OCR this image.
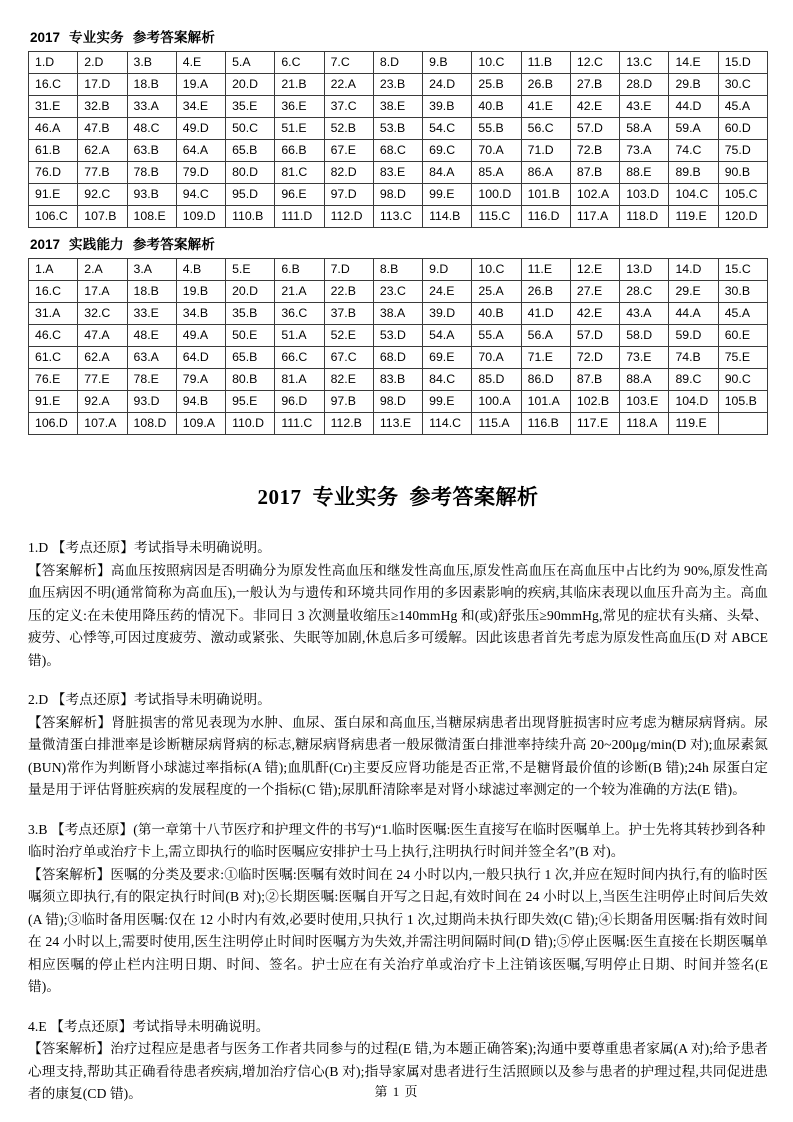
2017 专业实务 参考答案解析
1.D	2.D	3.B	4.E	5.A	6.C	7.C	8.D	9.B	10.C	11.B	12.C	13.C	14.E	15.D
16.C	17.D	18.B	19.A	20.D	21.B	22.A	23.B	24.D	25.B	26.B	27.B	28.D	29.B	30.C
31.E	32.B	33.A	34.E	35.E	36.E	37.C	38.E	39.B	40.B	41.E	42.E	43.E	44.D	45.A
46.A	47.B	48.C	49.D	50.C	51.E	52.B	53.B	54.C	55.B	56.C	57.D	58.A	59.A	60.D
61.B	62.A	63.B	64.A	65.B	66.B	67.E	68.C	69.C	70.A	71.D	72.B	73.A	74.C	75.D
76.D	77.B	78.B	79.D	80.D	81.C	82.D	83.E	84.A	85.A	86.A	87.B	88.E	89.B	90.B
91.E	92.C	93.B	94.C	95.D	96.E	97.D	98.D	99.E	100.D	101.B	102.A	103.D	104.C	105.C
106.C	107.B	108.E	109.D	110.B	111.D	112.D	113.C	114.B	115.C	116.D	117.A	118.D	119.E	120.D
2017 实践能力 参考答案解析
1.A	2.A	3.A	4.B	5.E	6.B	7.D	8.B	9.D	10.C	11.E	12.E	13.D	14.D	15.C
16.C	17.A	18.B	19.B	20.D	21.A	22.B	23.C	24.E	25.A	26.B	27.E	28.C	29.E	30.B
31.A	32.C	33.E	34.B	35.B	36.C	37.B	38.A	39.D	40.B	41.D	42.E	43.A	44.A	45.A
46.C	47.A	48.E	49.A	50.E	51.A	52.E	53.D	54.A	55.A	56.A	57.D	58.D	59.D	60.E
61.C	62.A	63.A	64.D	65.B	66.C	67.C	68.D	69.E	70.A	71.E	72.D	73.E	74.B	75.E
76.E	77.E	78.E	79.A	80.B	81.A	82.E	83.B	84.C	85.D	86.D	87.B	88.A	89.C	90.C
91.E	92.A	93.D	94.B	95.E	96.D	97.B	98.D	99.E	100.A	101.A	102.B	103.E	104.D	105.B
106.D	107.A	108.D	109.A	110.D	111.C	112.B	113.E	114.C	115.A	116.B	117.E	118.A	119.E	
2017 专业实务 参考答案解析

1.D 【考点还原】考试指导未明确说明。

【答案解析】高血压按照病因是否明确分为原发性高血压和继发性高血压,原发性高血压在高血压中占比约为 90%,原发性高血压病因不明(通常简称为高血压),一般认为与遗传和环境共同作用的多因素影响的疾病,其临床表现以血压升高为主。高血压的定义:在未使用降压药的情况下。非同日 3 次测量收缩压≥140mmHg 和(或)舒张压≥90mmHg,常见的症状有头痛、头晕、疲劳、心悸等,可因过度疲劳、激动或紧张、失眠等加剧,休息后多可缓解。因此该患者首先考虑为原发性高血压(D 对 ABCE 错)。

2.D 【考点还原】考试指导未明确说明。

【答案解析】肾脏损害的常见表现为水肿、血尿、蛋白尿和高血压,当糖尿病患者出现肾脏损害时应考虑为糖尿病肾病。尿量微清蛋白排泄率是诊断糖尿病肾病的标志,糖尿病肾病患者一般尿微清蛋白排泄率持续升高 20~200μg/min(D 对);血尿素氮(BUN)常作为判断肾小球滤过率指标(A 错);血肌酐(Cr)主要反应肾功能是否正常,不是糖肾最价值的诊断(B 错);24h 尿蛋白定量是用于评估肾脏疾病的发展程度的一个指标(C 错);尿肌酐清除率是对肾小球滤过率测定的一个较为准确的方法(E 错)。

3.B 【考点还原】(第一章第十八节医疗和护理文件的书写)“1.临时医嘱:医生直接写在临时医嘱单上。护士先将其转抄到各种临时治疗单或治疗卡上,需立即执行的临时医嘱应安排护士马上执行,注明执行时间并签全名”(B 对)。

【答案解析】医嘱的分类及要求:①临时医嘱:医嘱有效时间在 24 小时以内,一般只执行 1 次,并应在短时间内执行,有的临时医嘱须立即执行,有的限定执行时间(B 对);②长期医嘱:医嘱自开写之日起,有效时间在 24 小时以上,当医生注明停止时间后失效(A 错);③临时备用医嘱:仅在 12 小时内有效,必要时使用,只执行 1 次,过期尚未执行即失效(C 错);④长期备用医嘱:指有效时间在 24 小时以上,需要时使用,医生注明停止时间时医嘱方为失效,并需注明间隔时间(D 错);⑤停止医嘱:医生直接在长期医嘱单相应医嘱的停止栏内注明日期、时间、签名。护士应在有关治疗单或治疗卡上注销该医嘱,写明停止日期、时间并签名(E 错)。

4.E 【考点还原】考试指导未明确说明。

【答案解析】治疗过程应是患者与医务工作者共同参与的过程(E 错,为本题正确答案);沟通中要尊重患者家属(A 对);给予患者心理支持,帮助其正确看待患者疾病,增加治疗信心(B 对);指导家属对患者进行生活照顾以及参与患者的护理过程,共同促进患者的康复(CD 错)。	第 1 页
